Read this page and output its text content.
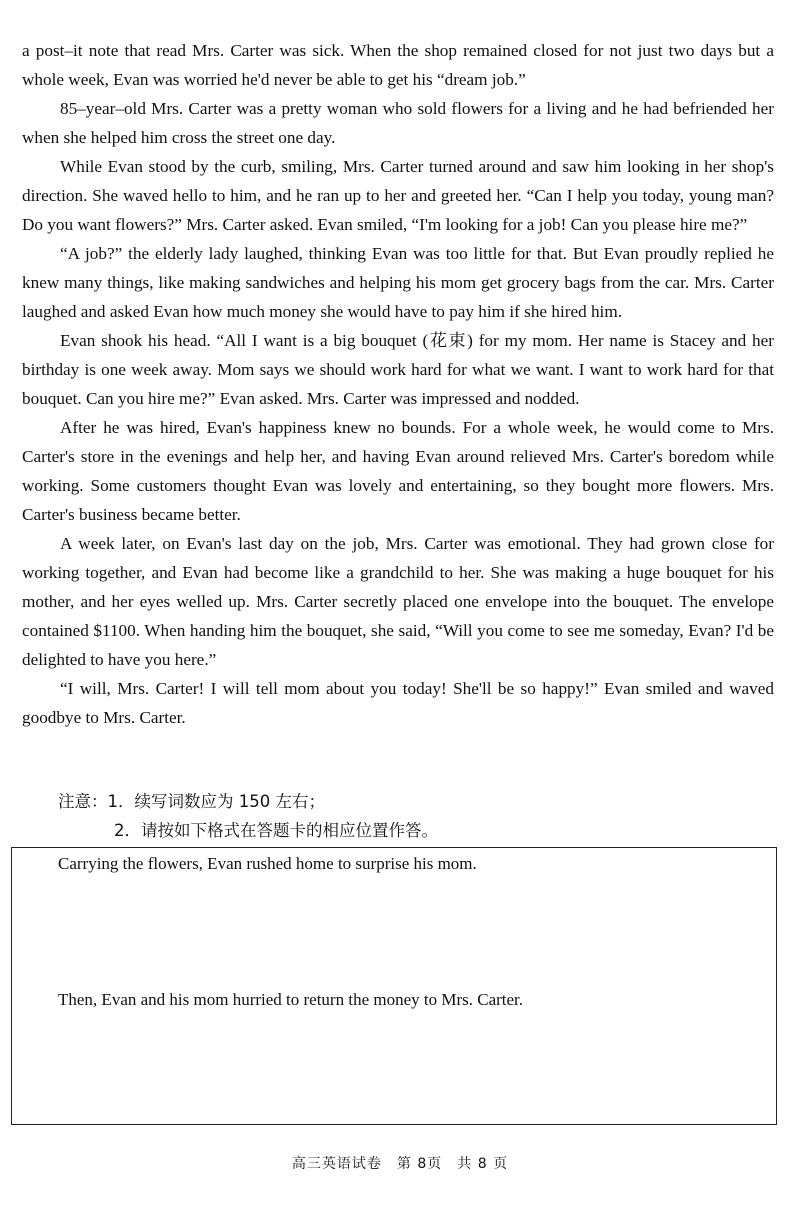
a post–it note that read Mrs. Carter was sick. When the shop remained closed for not just two days but a whole week, Evan was worried he'd never be able to get his “dream job.”

85–year–old Mrs. Carter was a pretty woman who sold flowers for a living and he had befriended her when she helped him cross the street one day.

While Evan stood by the curb, smiling, Mrs. Carter turned around and saw him looking in her shop's direction. She waved hello to him, and he ran up to her and greeted her. “Can I help you today, young man? Do you want flowers?” Mrs. Carter asked. Evan smiled, “I'm looking for a job! Can you please hire me?”

“A job?” the elderly lady laughed, thinking Evan was too little for that. But Evan proudly replied he knew many things, like making sandwiches and helping his mom get grocery bags from the car. Mrs. Carter laughed and asked Evan how much money she would have to pay him if she hired him.

Evan shook his head. “All I want is a big bouquet (花束) for my mom. Her name is Stacey and her birthday is one week away. Mom says we should work hard for what we want. I want to work hard for that bouquet. Can you hire me?” Evan asked. Mrs. Carter was impressed and nodded.

After he was hired, Evan's happiness knew no bounds. For a whole week, he would come to Mrs. Carter's store in the evenings and help her, and having Evan around relieved Mrs. Carter's boredom while working. Some customers thought Evan was lovely and entertaining, so they bought more flowers. Mrs. Carter's business became better.

A week later, on Evan's last day on the job, Mrs. Carter was emotional. They had grown close for working together, and Evan had become like a grandchild to her. She was making a huge bouquet for his mother, and her eyes welled up. Mrs. Carter secretly placed one envelope into the bouquet. The envelope contained $1100. When handing him the bouquet, she said, “Will you come to see me someday, Evan? I'd be delighted to have you here.”

“I will, Mrs. Carter! I will tell mom about you today! She'll be so happy!” Evan smiled and waved goodbye to Mrs. Carter.

注意：1．续写词数应为 150 左右；
2．请按如下格式在答题卡的相应位置作答。
Carrying the flowers, Evan rushed home to surprise his mom.
Then, Evan and his mom hurried to return the money to Mrs. Carter.
高三英语试卷　第 8页　共 8 页
